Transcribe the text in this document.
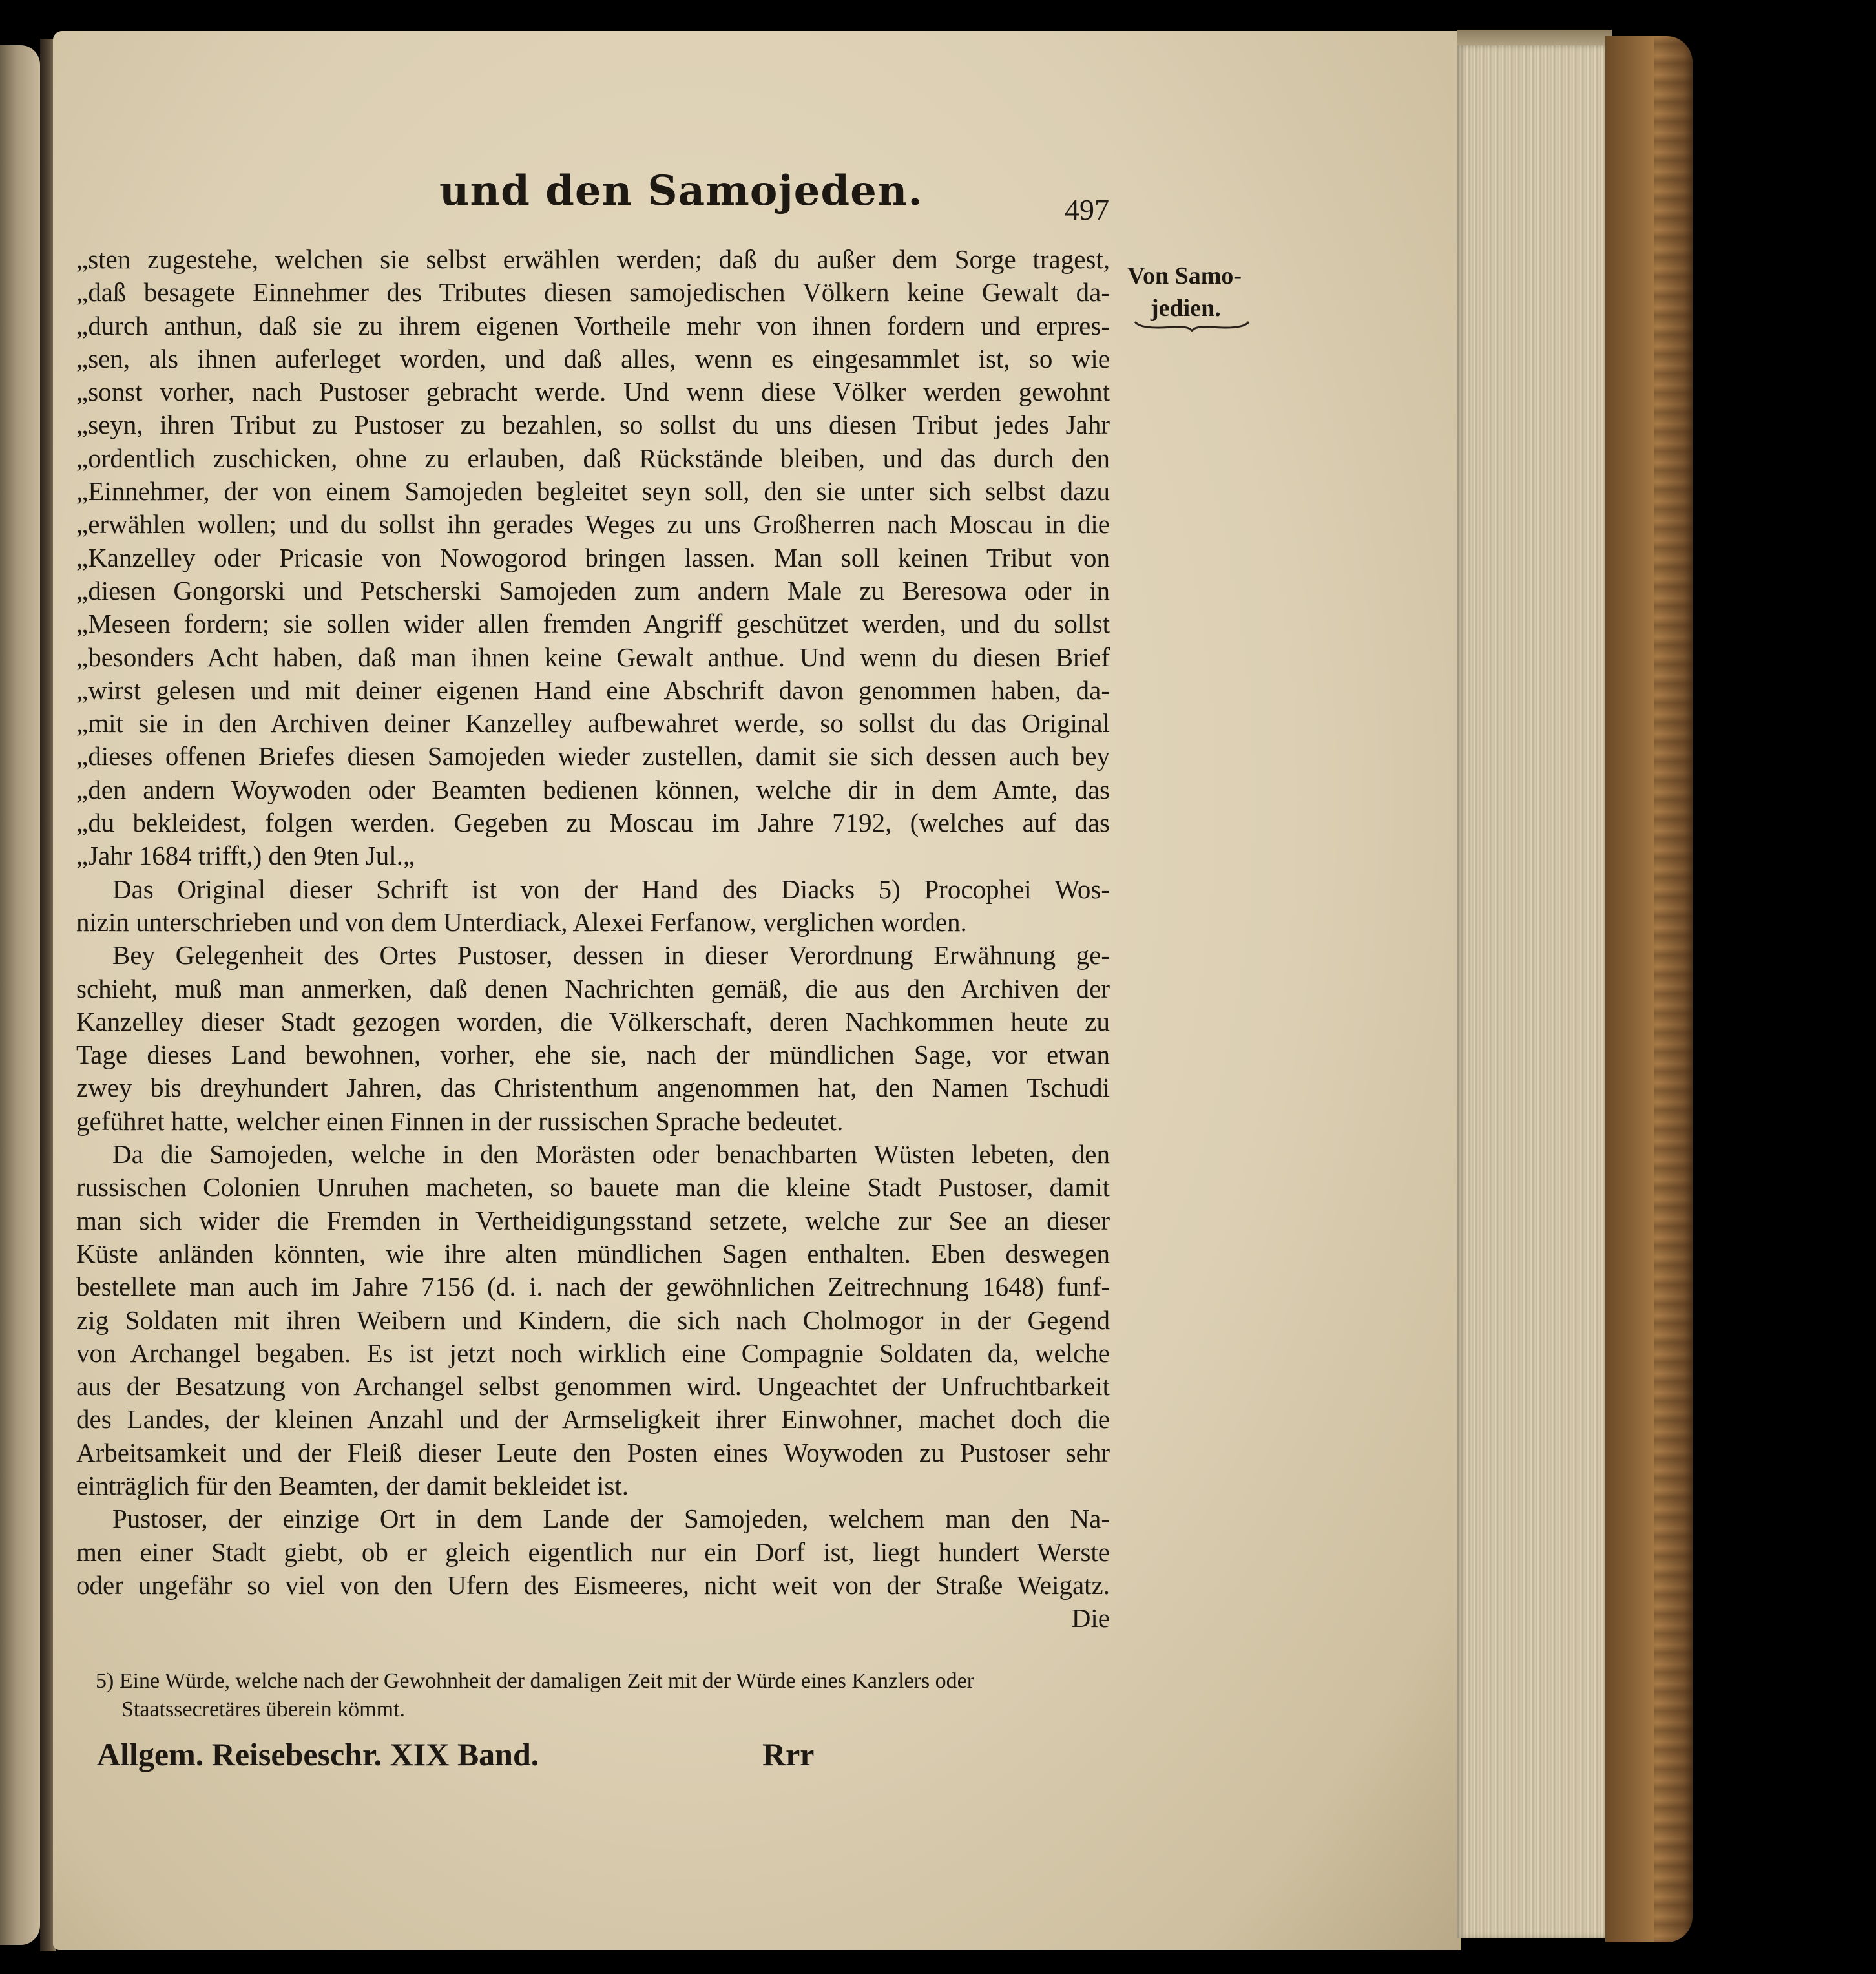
und den Samojeden.	497
Von Samo-
jedien.
„sten zugestehe, welchen sie selbst erwählen werden; daß du außer dem Sorge tragest,
„daß besagete Einnehmer des Tributes diesen samojedischen Völkern keine Gewalt da-
„durch anthun, daß sie zu ihrem eigenen Vortheile mehr von ihnen fordern und erpres-
„sen, als ihnen auferleget worden, und daß alles, wenn es eingesammlet ist, so wie
„sonst vorher, nach Pustoser gebracht werde. Und wenn diese Völker werden gewohnt
„seyn, ihren Tribut zu Pustoser zu bezahlen, so sollst du uns diesen Tribut jedes Jahr
„ordentlich zuschicken, ohne zu erlauben, daß Rückstände bleiben, und das durch den
„Einnehmer, der von einem Samojeden begleitet seyn soll, den sie unter sich selbst dazu
„erwählen wollen; und du sollst ihn gerades Weges zu uns Großherren nach Moscau in die
„Kanzelley oder Pricasie von Nowogorod bringen lassen. Man soll keinen Tribut von
„diesen Gongorski und Petscherski Samojeden zum andern Male zu Beresowa oder in
„Meseen fordern; sie sollen wider allen fremden Angriff geschützet werden, und du sollst
„besonders Acht haben, daß man ihnen keine Gewalt anthue. Und wenn du diesen Brief
„wirst gelesen und mit deiner eigenen Hand eine Abschrift davon genommen haben, da-
„mit sie in den Archiven deiner Kanzelley aufbewahret werde, so sollst du das Original
„dieses offenen Briefes diesen Samojeden wieder zustellen, damit sie sich dessen auch bey
„den andern Woywoden oder Beamten bedienen können, welche dir in dem Amte, das
„du bekleidest, folgen werden. Gegeben zu Moscau im Jahre 7192, (welches auf das
„Jahr 1684 trifft,) den 9ten Jul.„
Das Original dieser Schrift ist von der Hand des Diacks 5) Procophei Wos-
nizin unterschrieben und von dem Unterdiack, Alexei Ferfanow, verglichen worden.
Bey Gelegenheit des Ortes Pustoser, dessen in dieser Verordnung Erwähnung ge-
schieht, muß man anmerken, daß denen Nachrichten gemäß, die aus den Archiven der
Kanzelley dieser Stadt gezogen worden, die Völkerschaft, deren Nachkommen heute zu
Tage dieses Land bewohnen, vorher, ehe sie, nach der mündlichen Sage, vor etwan
zwey bis dreyhundert Jahren, das Christenthum angenommen hat, den Namen Tschudi
geführet hatte, welcher einen Finnen in der russischen Sprache bedeutet.
Da die Samojeden, welche in den Morästen oder benachbarten Wüsten lebeten, den
russischen Colonien Unruhen macheten, so bauete man die kleine Stadt Pustoser, damit
man sich wider die Fremden in Vertheidigungsstand setzete, welche zur See an dieser
Küste anländen könnten, wie ihre alten mündlichen Sagen enthalten. Eben deswegen
bestellete man auch im Jahre 7156 (d. i. nach der gewöhnlichen Zeitrechnung 1648) funf-
zig Soldaten mit ihren Weibern und Kindern, die sich nach Cholmogor in der Gegend
von Archangel begaben. Es ist jetzt noch wirklich eine Compagnie Soldaten da, welche
aus der Besatzung von Archangel selbst genommen wird. Ungeachtet der Unfruchtbarkeit
des Landes, der kleinen Anzahl und der Armseligkeit ihrer Einwohner, machet doch die
Arbeitsamkeit und der Fleiß dieser Leute den Posten eines Woywoden zu Pustoser sehr
einträglich für den Beamten, der damit bekleidet ist.
Pustoser, der einzige Ort in dem Lande der Samojeden, welchem man den Na-
men einer Stadt giebt, ob er gleich eigentlich nur ein Dorf ist, liegt hundert Werste
oder ungefähr so viel von den Ufern des Eismeeres, nicht weit von der Straße Weigatz.
Die
5) Eine Würde, welche nach der Gewohnheit der damaligen Zeit mit der Würde eines Kanzlers oder
Staatssecretäres überein kömmt.
Allgem. Reisebeschr. XIX Band.	Rrr
